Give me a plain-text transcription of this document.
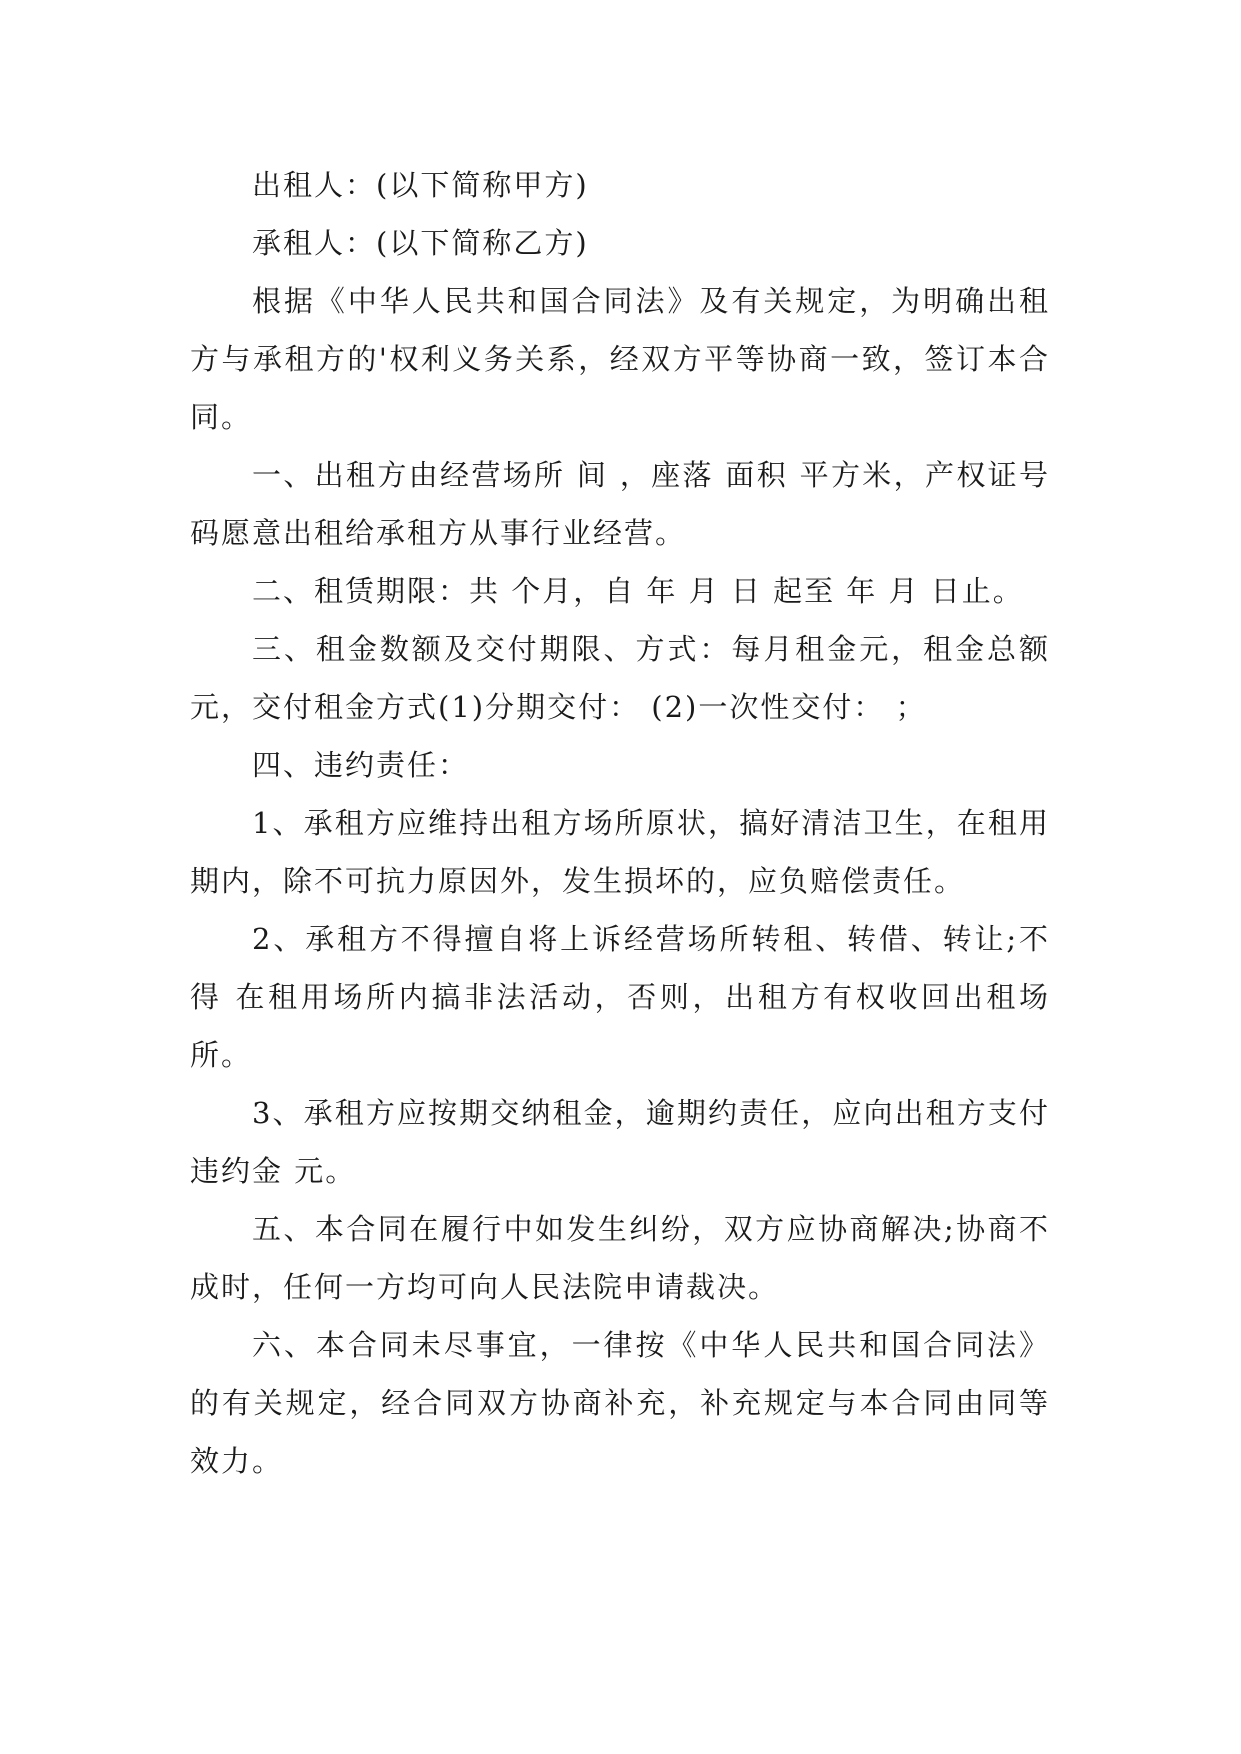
出租人：(以下简称甲方)

承租人：(以下简称乙方)

根据《中华人民共和国合同法》及有关规定，为明确出租方与承租方的'权利义务关系，经双方平等协商一致，签订本合同。

一、出租方由经营场所 间 ，座落 面积 平方米，产权证号码愿意出租给承租方从事行业经营。

二、租赁期限：共 个月，自 年 月 日 起至 年 月 日止。

三、租金数额及交付期限、方式：每月租金元，租金总额 元，交付租金方式(1)分期交付： (2)一次性交付： ；

四、违约责任：

1、承租方应维持出租方场所原状，搞好清洁卫生，在租用期内，除不可抗力原因外，发生损坏的，应负赔偿责任。

2、承租方不得擅自将上诉经营场所转租、转借、转让;不得 在租用场所内搞非法活动，否则，出租方有权收回出租场所。

3、承租方应按期交纳租金，逾期约责任，应向出租方支付违约金 元。

五、本合同在履行中如发生纠纷，双方应协商解决;协商不成时，任何一方均可向人民法院申请裁决。

六、本合同未尽事宜，一律按《中华人民共和国合同法》的有关规定，经合同双方协商补充，补充规定与本合同由同等效力。
